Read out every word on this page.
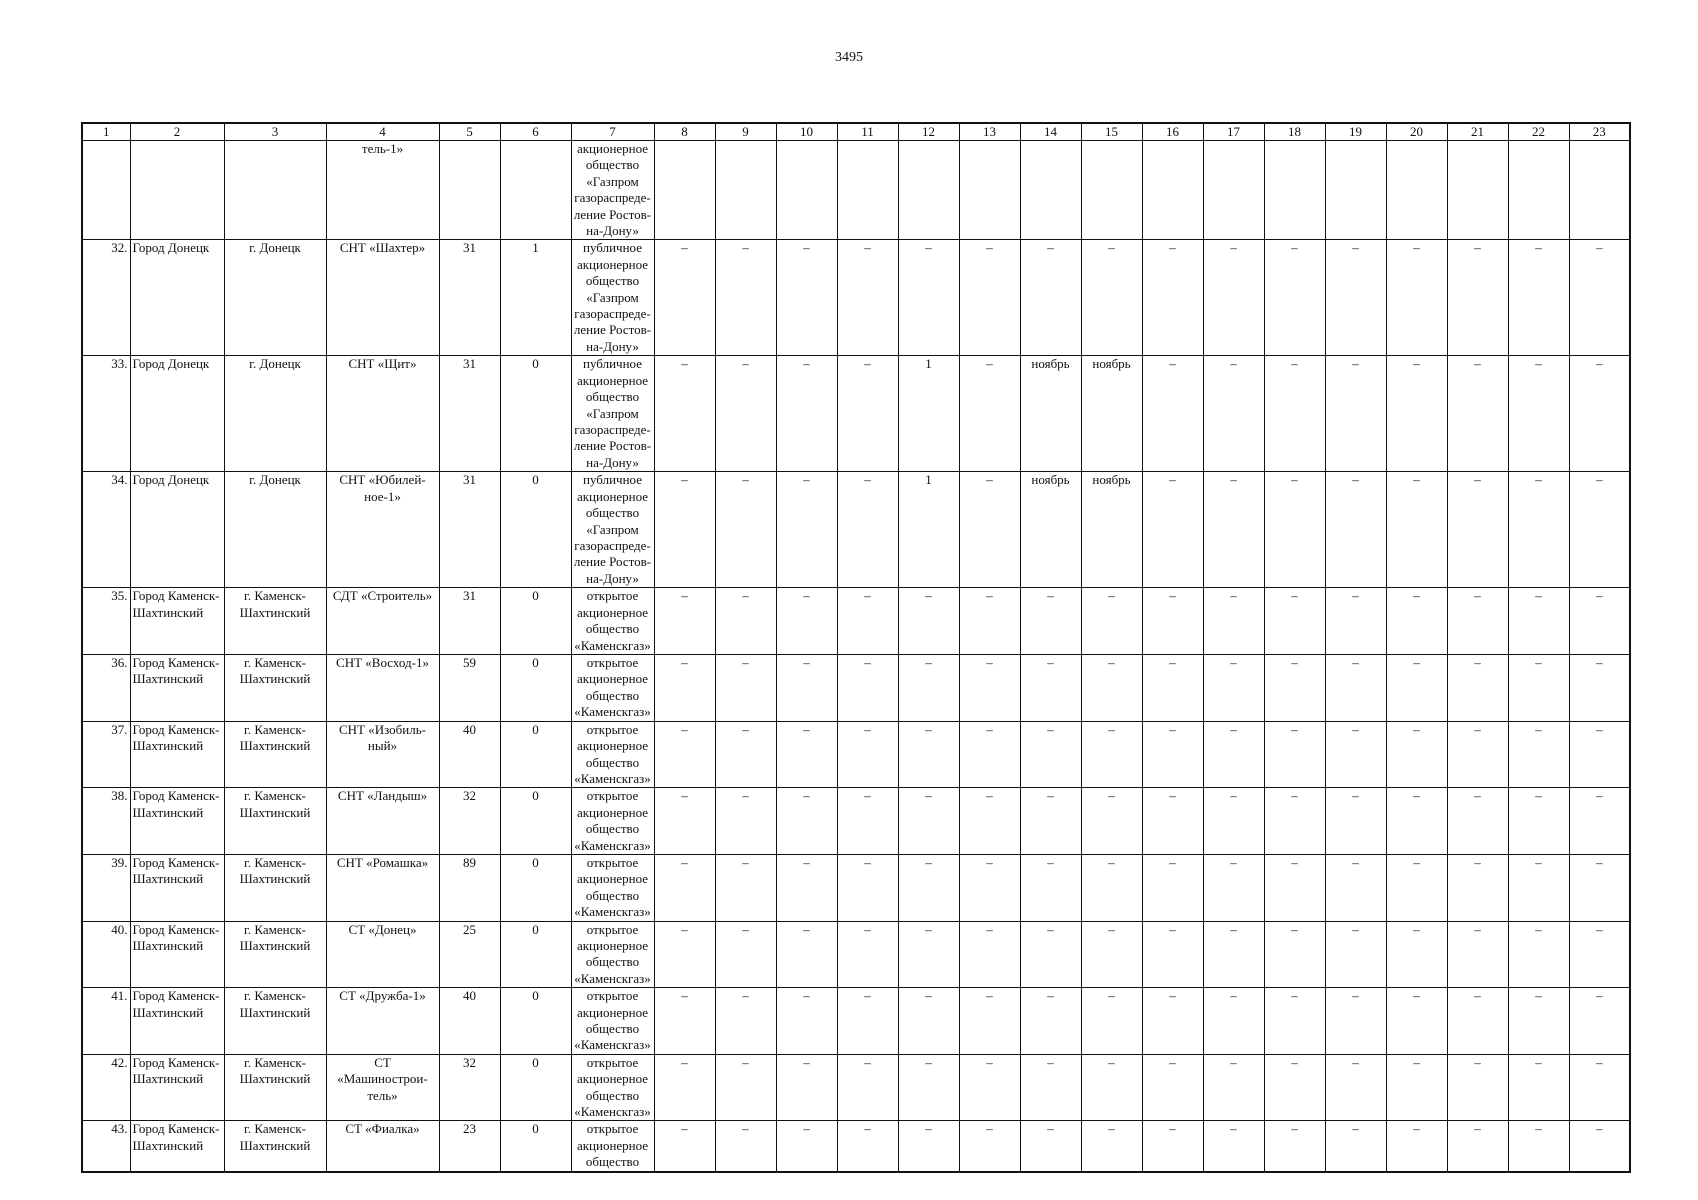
3495
1	2	3	4	5	6	7	8	9	10	11	12	13	14	15	16	17	18	19	20	21	22	23
			тель-1»			акционерное общество «Газпром газораспреде-ление Ростов-на-Дону»																
32.	Город Донецк	г. Донецк	СНТ «Шахтер»	31	1	публичное акционерное общество «Газпром газораспреде-ление Ростов-на-Дону»	–	–	–	–	–	–	–	–	–	–	–	–	–	–	–	–
33.	Город Донецк	г. Донецк	СНТ «Щит»	31	0	публичное акционерное общество «Газпром газораспреде-ление Ростов-на-Дону»	–	–	–	–	1	–	ноябрь	ноябрь	–	–	–	–	–	–	–	–
34.	Город Донецк	г. Донецк	СНТ «Юбилей-ное-1»	31	0	публичное акционерное общество «Газпром газораспреде-ление Ростов-на-Дону»	–	–	–	–	1	–	ноябрь	ноябрь	–	–	–	–	–	–	–	–
35.	Город Каменск-Шахтинский	г. Каменск-Шахтинский	СДТ «Строитель»	31	0	открытое акционерное общество «Каменскгаз»	–	–	–	–	–	–	–	–	–	–	–	–	–	–	–	–
36.	Город Каменск-Шахтинский	г. Каменск-Шахтинский	СНТ «Восход-1»	59	0	открытое акционерное общество «Каменскгаз»	–	–	–	–	–	–	–	–	–	–	–	–	–	–	–	–
37.	Город Каменск-Шахтинский	г. Каменск-Шахтинский	СНТ «Изобиль-ный»	40	0	открытое акционерное общество «Каменскгаз»	–	–	–	–	–	–	–	–	–	–	–	–	–	–	–	–
38.	Город Каменск-Шахтинский	г. Каменск-Шахтинский	СНТ «Ландыш»	32	0	открытое акционерное общество «Каменскгаз»	–	–	–	–	–	–	–	–	–	–	–	–	–	–	–	–
39.	Город Каменск-Шахтинский	г. Каменск-Шахтинский	СНТ «Ромашка»	89	0	открытое акционерное общество «Каменскгаз»	–	–	–	–	–	–	–	–	–	–	–	–	–	–	–	–
40.	Город Каменск-Шахтинский	г. Каменск-Шахтинский	СТ «Донец»	25	0	открытое акционерное общество «Каменскгаз»	–	–	–	–	–	–	–	–	–	–	–	–	–	–	–	–
41.	Город Каменск-Шахтинский	г. Каменск-Шахтинский	СТ «Дружба-1»	40	0	открытое акционерное общество «Каменскгаз»	–	–	–	–	–	–	–	–	–	–	–	–	–	–	–	–
42.	Город Каменск-Шахтинский	г. Каменск-Шахтинский	СТ «Машинострои-тель»	32	0	открытое акционерное общество «Каменскгаз»	–	–	–	–	–	–	–	–	–	–	–	–	–	–	–	–
43.	Город Каменск-Шахтинский	г. Каменск-Шахтинский	СТ «Фиалка»	23	0	открытое акционерное общество	–	–	–	–	–	–	–	–	–	–	–	–	–	–	–	–
